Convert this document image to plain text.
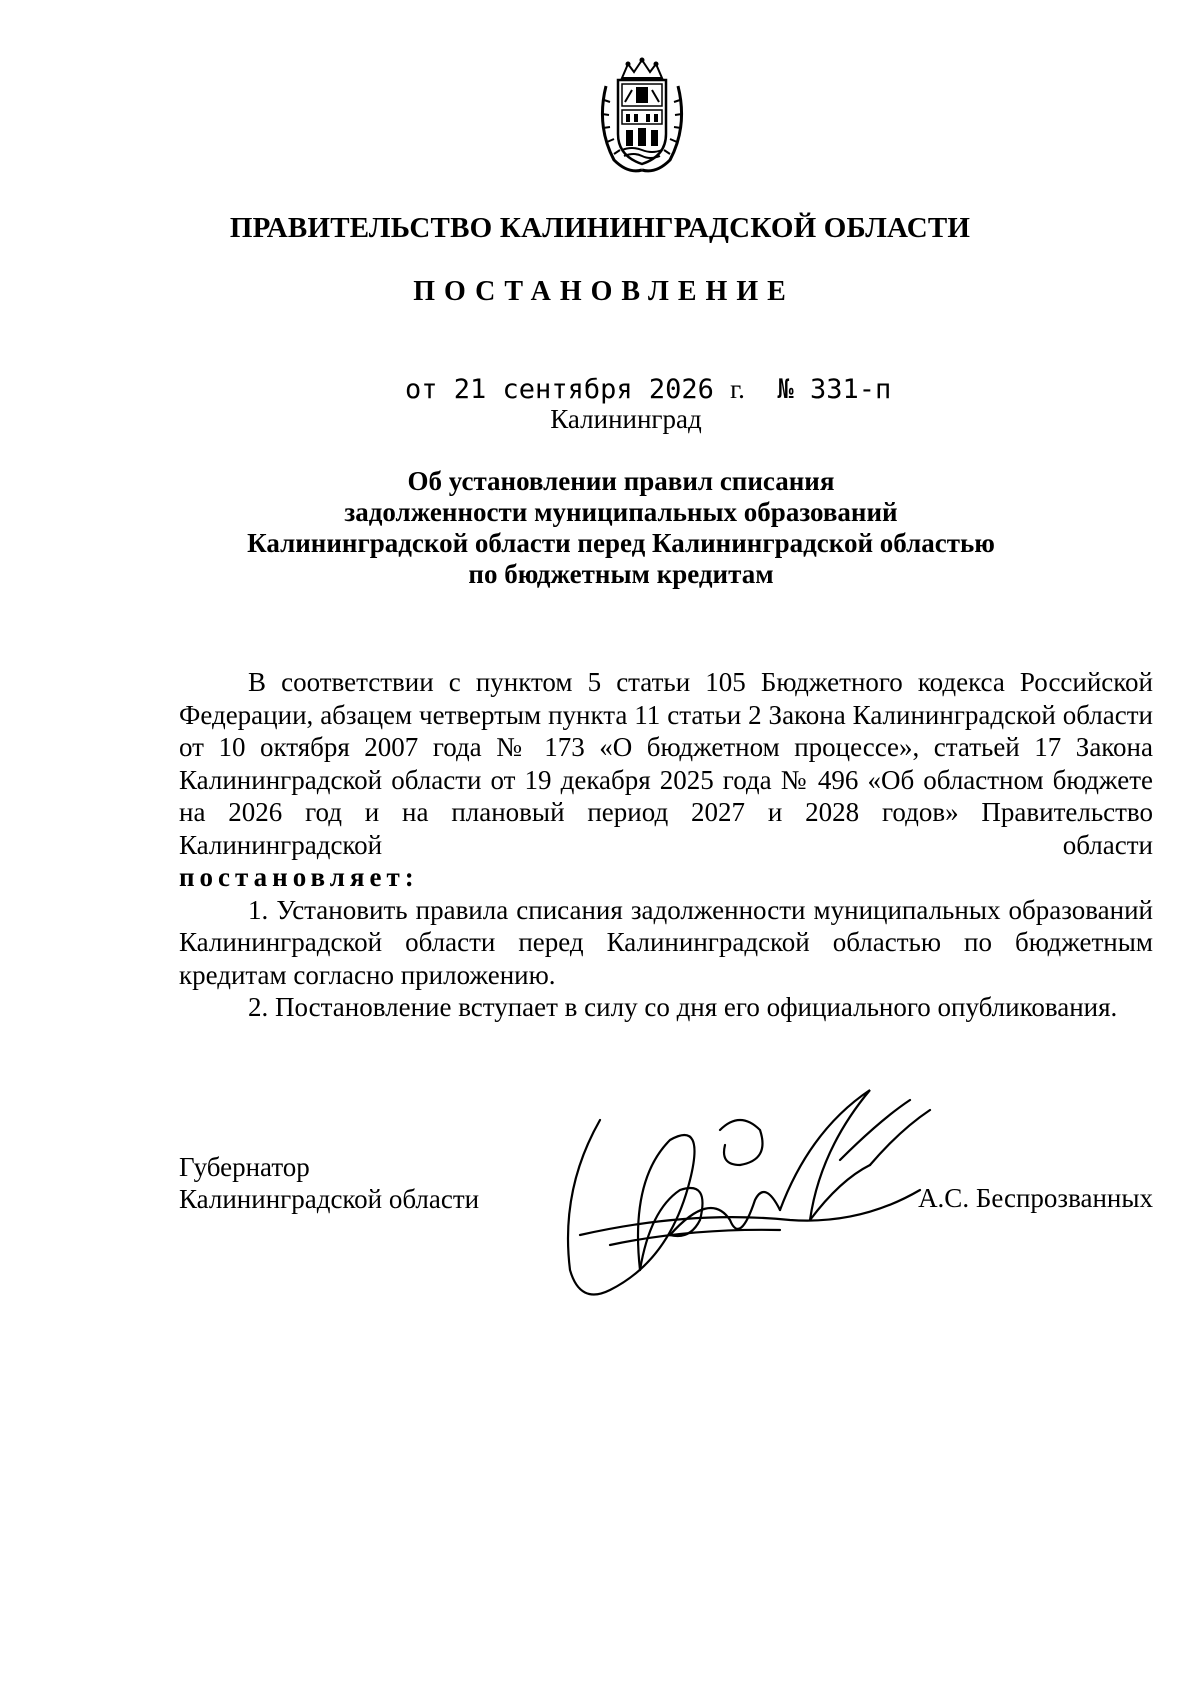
ПРАВИТЕЛЬСТВО КАЛИНИНГРАДСКОЙ ОБЛАСТИ
ПОСТАНОВЛЕНИЕ
от 21 сентября 2026 г. № 331-п
Калининград
Об установлении правил списания
задолженности муниципальных образований
Калининградской области перед Калининградской областью
по бюджетным кредитам

В соответствии с пунктом 5 статьи 105 Бюджетного кодекса Российской Федерации, абзацем четвертым пункта 11 статьи 2 Закона Калининградской области от 10 октября 2007 года № 173 «О бюджетном процессе», статьей 17 Закона Калининградской области от 19 декабря 2025 года № 496 «Об областном бюджете на 2026 год и на плановый период 2027 и 2028 годов» Правительство Калининградской области

постановляет:

1. Установить правила списания задолженности муниципальных образований Калининградской области перед Калининградской областью по бюджетным кредитам согласно приложению.

2. Постановление вступает в силу со дня его официального опубликования.

Губернатор
Калининградской области	А.С. Беспрозванных
